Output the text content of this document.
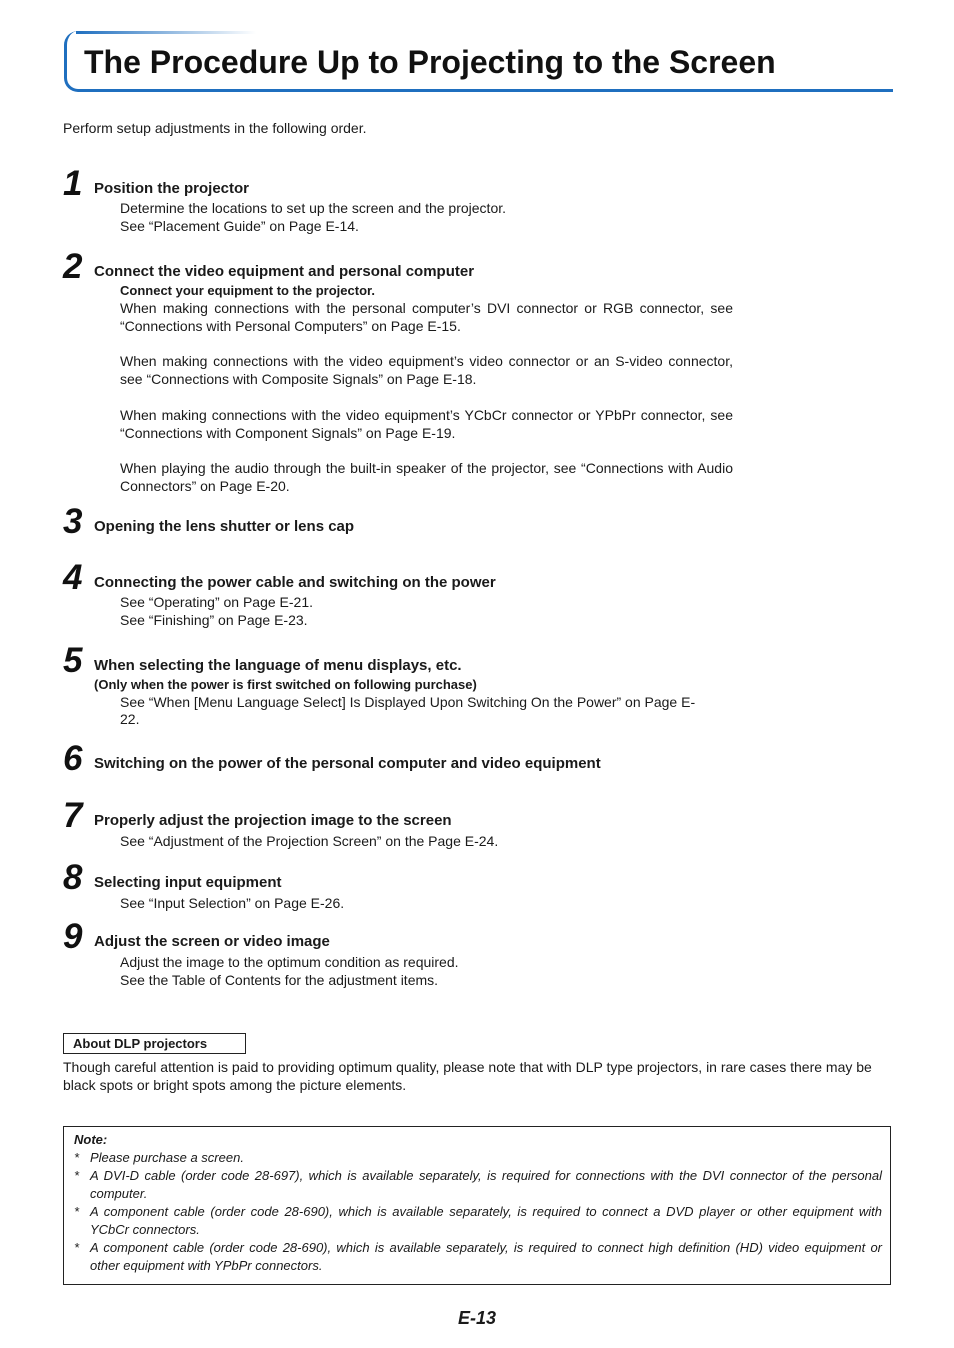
The Procedure Up to Projecting to the Screen
Perform setup adjustments in the following order.
1 Position the projector
Determine the locations to set up the screen and the projector.
See “Placement Guide” on Page E-14.
2 Connect the video equipment and personal computer
Connect your equipment to the projector.
When making connections with the personal computer’s DVI connector or RGB connector, see “Connections with Personal Computers” on Page E-15.
When making connections with the video equipment’s video connector or an S-video connector, see “Connections with Composite Signals” on Page E-18.
When making connections with the video equipment’s YCbCr connector or YPbPr connector, see “Connections with Component Signals” on Page E-19.
When playing the audio through the built-in speaker of the projector, see “Connections with Audio Connectors” on Page E-20.
3 Opening the lens shutter or lens cap
4 Connecting the power cable and switching on the power
See “Operating” on Page E-21.
See “Finishing” on Page E-23.
5 When selecting the language of menu displays, etc.
(Only when the power is first switched on following purchase)
See “When [Menu Language Select] Is Displayed Upon Switching On the Power” on Page E-
22.
6 Switching on the power of the personal computer and video equipment
7 Properly adjust the projection image to the screen
See “Adjustment of the Projection Screen” on the Page E-24.
8 Selecting input equipment
See “Input Selection” on Page E-26.
9 Adjust the screen or video image
Adjust the image to the optimum condition as required.
See the Table of Contents for the adjustment items.
About DLP projectors
Though careful attention is paid to providing optimum quality, please note that with DLP type projectors, in rare cases there may be black spots or bright spots among the picture elements.
Note:
* Please purchase a screen.
* A DVI-D cable (order code 28-697), which is available separately, is required for connections with the DVI connector of the personal computer.
* A component cable (order code 28-690), which is available separately, is required to connect a DVD player or other equipment with YCbCr connectors.
* A component cable (order code 28-690), which is available separately, is required to connect high definition (HD) video equipment or other equipment with YPbPr connectors.
E-13
